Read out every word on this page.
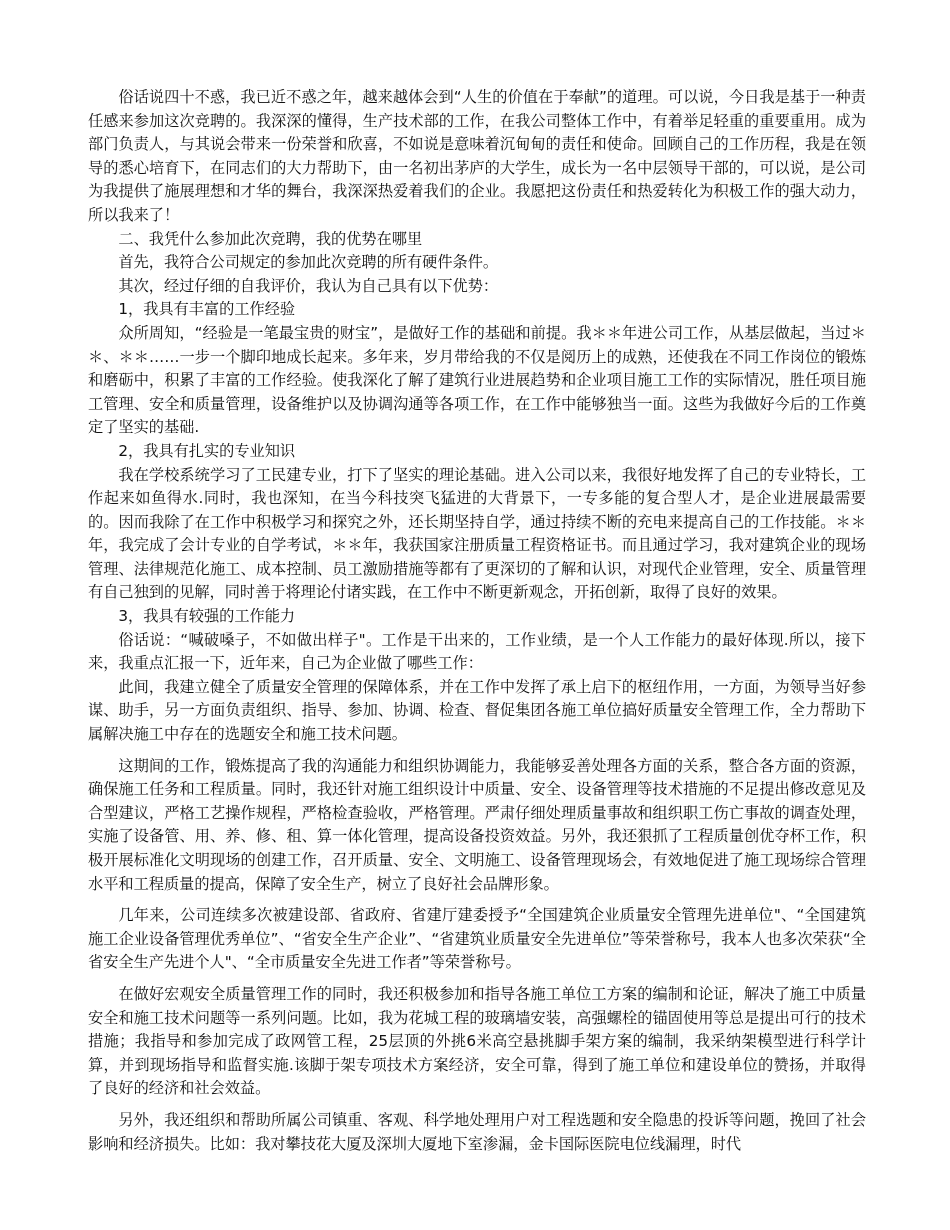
俗话说四十不惑，我已近不惑之年，越来越体会到“人生的价值在于奉献”的道理。可以说，今日我是基于一种责任感来参加这次竞聘的。我深深的懂得，生产技术部的工作，在我公司整体工作中，有着举足轻重的重要重用。成为部门负责人，与其说会带来一份荣誉和欣喜，不如说是意味着沉甸甸的责任和使命。回顾自己的工作历程，我是在领导的悉心培育下，在同志们的大力帮助下，由一名初出茅庐的大学生，成长为一名中层领导干部的，可以说，是公司为我提供了施展理想和才华的舞台，我深深热爱着我们的企业。我愿把这份责任和热爱转化为积极工作的强大动力，所以我来了！

二、我凭什么参加此次竞聘，我的优势在哪里

首先，我符合公司规定的参加此次竞聘的所有硬件条件。

其次，经过仔细的自我评价，我认为自己具有以下优势：

1，我具有丰富的工作经验

众所周知，“经验是一笔最宝贵的财宝”，是做好工作的基础和前提。我＊＊年进公司工作，从基层做起，当过＊＊、＊＊……一步一个脚印地成长起来。多年来，岁月带给我的不仅是阅历上的成熟，还使我在不同工作岗位的锻炼和磨砺中，积累了丰富的工作经验。使我深化了解了建筑行业进展趋势和企业项目施工工作的实际情况，胜任项目施工管理、安全和质量管理，设备维护以及协调沟通等各项工作，在工作中能够独当一面。这些为我做好今后的工作奠定了坚实的基础.

2，我具有扎实的专业知识

我在学校系统学习了工民建专业，打下了坚实的理论基础。进入公司以来，我很好地发挥了自己的专业特长，工作起来如鱼得水.同时，我也深知，在当今科技突飞猛进的大背景下，一专多能的复合型人才，是企业进展最需要的。因而我除了在工作中积极学习和探究之外，还长期坚持自学，通过持续不断的充电来提高自己的工作技能。＊＊年，我完成了会计专业的自学考试，＊＊年，我获国家注册质量工程资格证书。而且通过学习，我对建筑企业的现场管理、法律规范化施工、成本控制、员工激励措施等都有了更深切的了解和认识，对现代企业管理，安全、质量管理有自己独到的见解，同时善于将理论付诸实践，在工作中不断更新观念，开拓创新，取得了良好的效果。

3，我具有较强的工作能力

俗话说：“喊破嗓子，不如做出样子"。工作是干出来的，工作业绩，是一个人工作能力的最好体现.所以，接下来，我重点汇报一下，近年来，自己为企业做了哪些工作：

此间，我建立健全了质量安全管理的保障体系，并在工作中发挥了承上启下的枢纽作用，一方面，为领导当好参谋、助手，另一方面负责组织、指导、参加、协调、检查、督促集团各施工单位搞好质量安全管理工作，全力帮助下属解决施工中存在的选题安全和施工技术问题。

这期间的工作，锻炼提高了我的沟通能力和组织协调能力，我能够妥善处理各方面的关系，整合各方面的资源，确保施工任务和工程质量。同时，我还针对施工组织设计中质量、安全、设备管理等技术措施的不足提出修改意见及合型建议，严格工艺操作规程，严格检查验收，严格管理。严肃仔细处理质量事故和组织职工伤亡事故的调查处理，实施了设备管、用、养、修、租、算一体化管理，提高设备投资效益。另外，我还狠抓了工程质量创优夺杯工作，积极开展标准化文明现场的创建工作，召开质量、安全、文明施工、设备管理现场会，有效地促进了施工现场综合管理水平和工程质量的提高，保障了安全生产，树立了良好社会品牌形象。

几年来，公司连续多次被建设部、省政府、省建厅建委授予“全国建筑企业质量安全管理先进单位"、“全国建筑施工企业设备管理优秀单位”、“省安全生产企业”、“省建筑业质量安全先进单位”等荣誉称号，我本人也多次荣获“全省安全生产先进个人"、“全市质量安全先进工作者”等荣誉称号。

在做好宏观安全质量管理工作的同时，我还积极参加和指导各施工单位工方案的编制和论证，解决了施工中质量安全和施工技术问题等一系列问题。比如，我为花城工程的玻璃墙安装，高强螺栓的锚固使用等总是提出可行的技术措施；我指导和参加完成了政网管工程，25层顶的外挑6米高空悬挑脚手架方案的编制，我采纳架模型进行科学计算，并到现场指导和监督实施.该脚于架专项技术方案经济，安全可靠，得到了施工单位和建设单位的赞扬，并取得了良好的经济和社会效益。

另外，我还组织和帮助所属公司镇重、客观、科学地处理用户对工程选题和安全隐患的投诉等问题，挽回了社会影响和经济损失。比如：我对攀技花大厦及深圳大厦地下室渗漏，金卡国际医院电位线漏理，时代
